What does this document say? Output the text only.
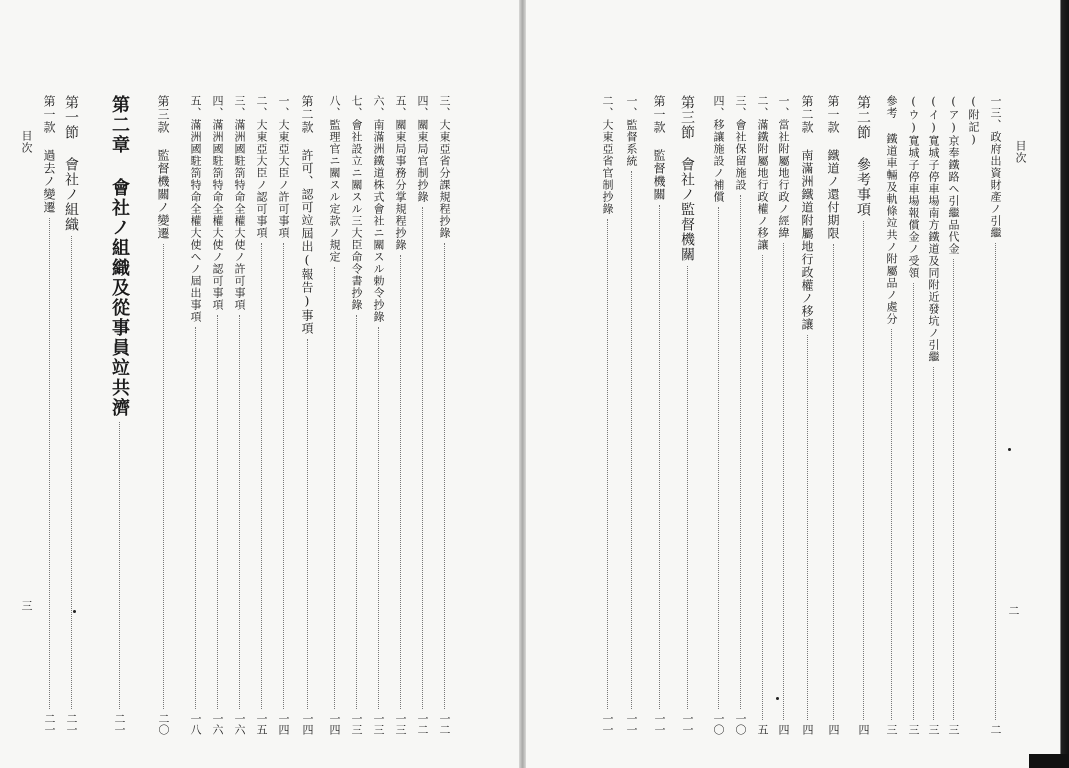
目次
三
目次
二
三、大東亞省分課規程抄錄
一二
四、關東局官制抄錄
一二
五、關東局事務分掌規程抄錄
一三
六、南滿洲鐵道株式會社ニ關スル勅令抄錄
一三
七、會社設立ニ關スル三大臣命令書抄錄
一三
八、監理官ニ關スル定款ノ規定
一四
第二款 許可、認可竝屆出(報告)事項
一四
一、大東亞大臣ノ許可事項
一四
二、大東亞大臣ノ認可事項
一五
三、滿洲國駐箚特命全權大使ノ許可事項
一六
四、滿洲國駐箚特命全權大使ノ認可事項
一六
五、滿洲國駐箚特命全權大使ヘノ屆出事項
一八
第三款 監督機關ノ變遷
二〇
第二章 會社ノ組織及從事員竝共濟
二一
第一節 會社ノ組織
二一
第一款 過去ノ變遷
二一
一三、政府出資財產ノ引繼
二
(附記)
(ア)京奉鐵路ヘ引繼品代金
三
(イ)寬城子停車場南方鐵道及同附近發坑ノ引繼
三
(ウ)寬城子停車場報償金ノ受領
三
參考 鐵道車輛及軌條竝共ノ附屬品ノ處分
三
第二節 參考事項
四
第一款 鐵道ノ還付期限
四
第二款 南滿洲鐵道附屬地行政權ノ移讓
四
一、當社附屬地行政ノ經緯
四
二、滿鐵附屬地行政權ノ移讓
五
三、會社保留施設
一〇
四、移讓施設ノ補償
一〇
第三節 會社ノ監督機關
一一
第一款 監督機關
一一
一、監督系統
一一
二、大東亞省官制抄錄
一一
